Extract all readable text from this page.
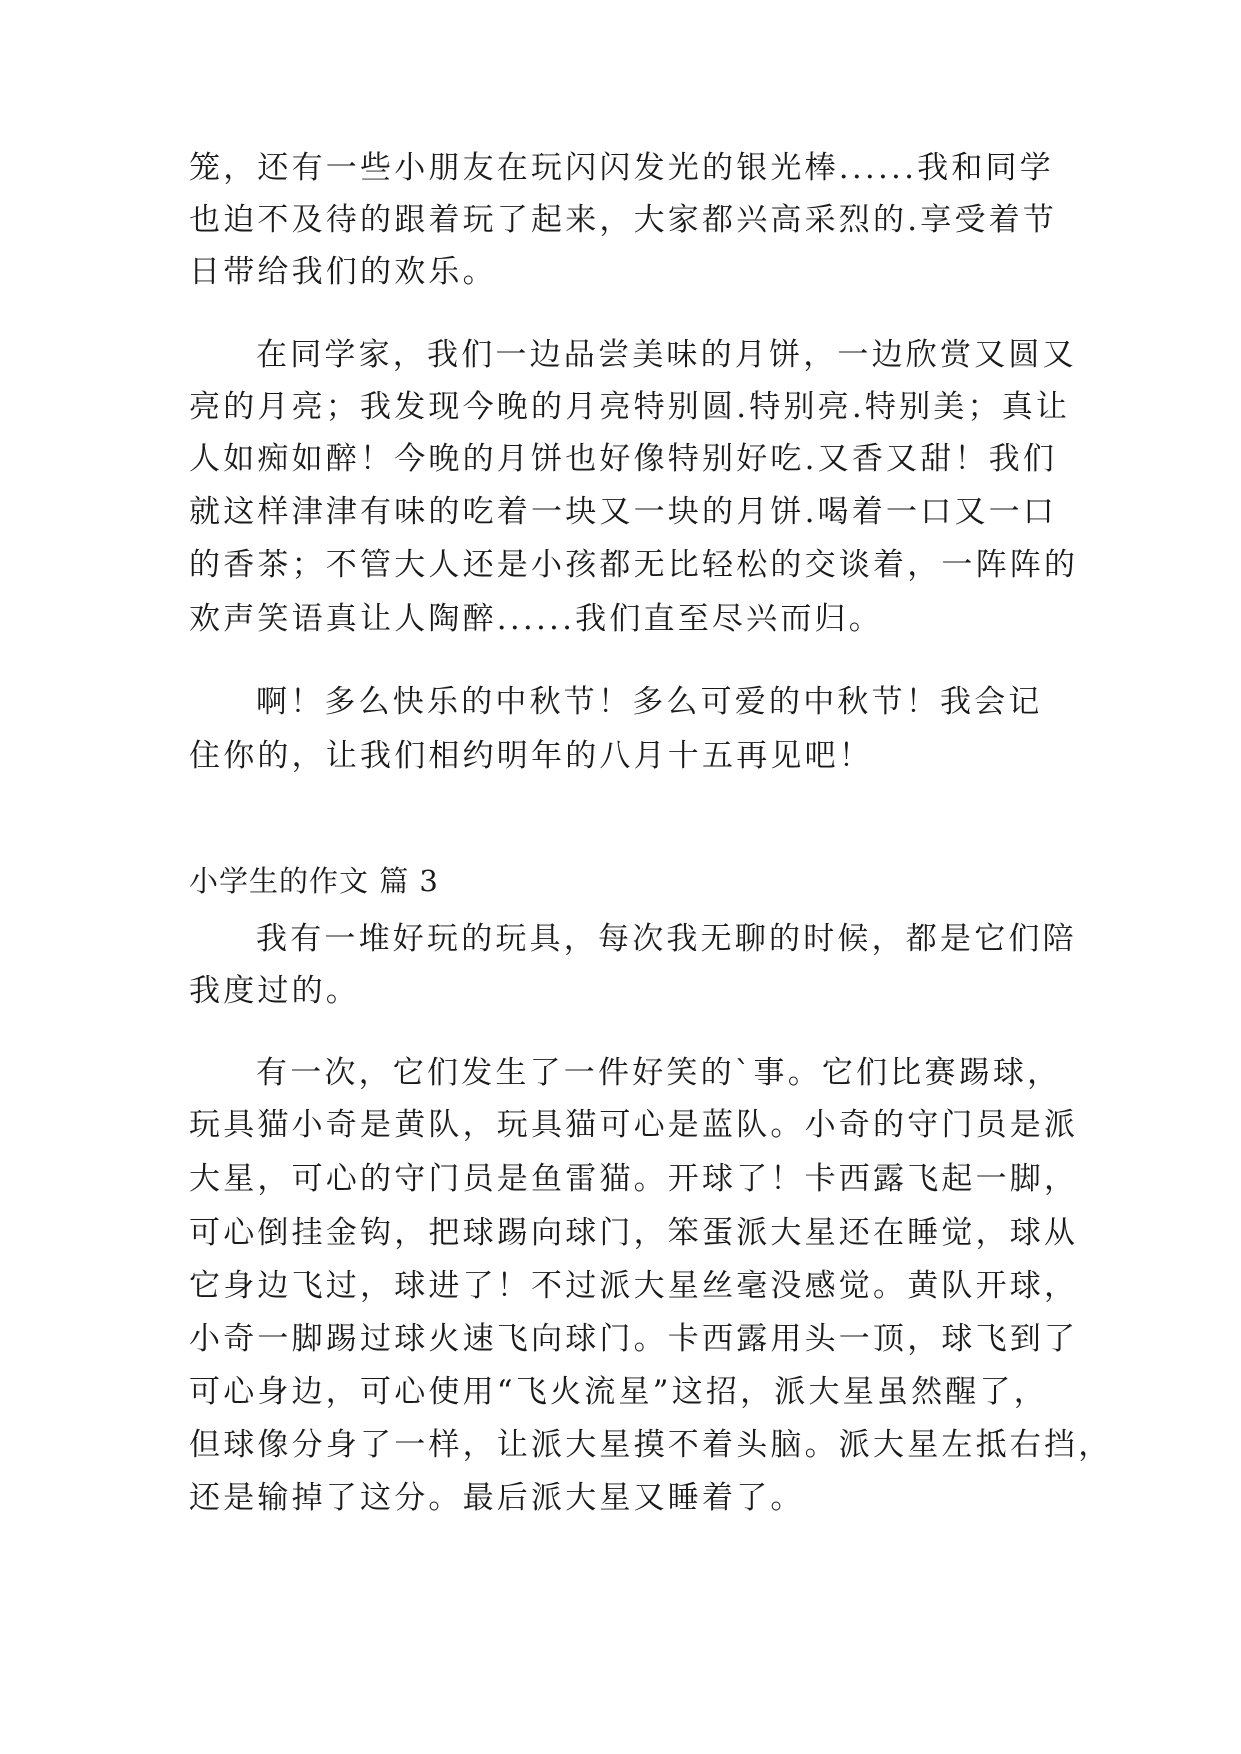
笼，还有一些小朋友在玩闪闪发光的银光棒......我和同学
也迫不及待的跟着玩了起来，大家都兴高采烈的.享受着节
日带给我们的欢乐。
在同学家，我们一边品尝美味的月饼，一边欣赏又圆又
亮的月亮；我发现今晚的月亮特别圆.特别亮.特别美；真让
人如痴如醉！今晚的月饼也好像特别好吃.又香又甜！我们
就这样津津有味的吃着一块又一块的月饼.喝着一口又一口
的香茶；不管大人还是小孩都无比轻松的交谈着，一阵阵的
欢声笑语真让人陶醉......我们直至尽兴而归。
啊！多么快乐的中秋节！多么可爱的中秋节！我会记
住你的，让我们相约明年的八月十五再见吧！
小学生的作文 篇 3
我有一堆好玩的玩具，每次我无聊的时候，都是它们陪
我度过的。
有一次，它们发生了一件好笑的`事。它们比赛踢球，
玩具猫小奇是黄队，玩具猫可心是蓝队。小奇的守门员是派
大星，可心的守门员是鱼雷猫。开球了！卡西露飞起一脚，
可心倒挂金钩，把球踢向球门，笨蛋派大星还在睡觉，球从
它身边飞过，球进了！不过派大星丝毫没感觉。黄队开球，
小奇一脚踢过球火速飞向球门。卡西露用头一顶，球飞到了
可心身边，可心使用“飞火流星”这招，派大星虽然醒了，
但球像分身了一样，让派大星摸不着头脑。派大星左抵右挡，
还是输掉了这分。最后派大星又睡着了。
